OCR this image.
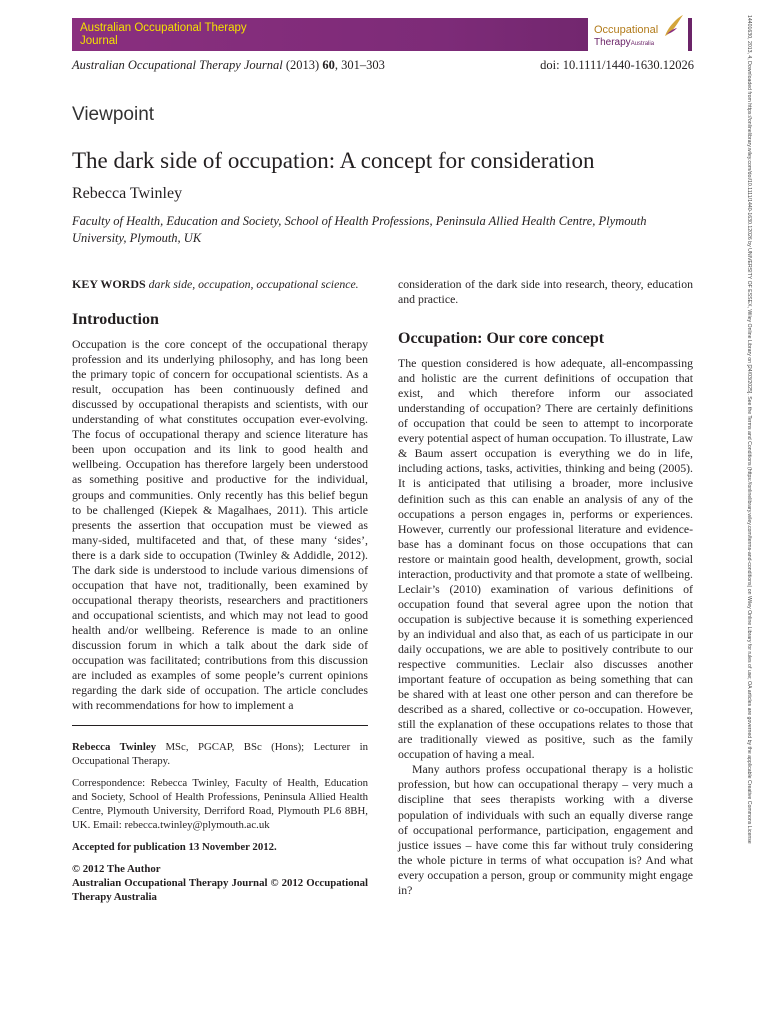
Australian Occupational Therapy
Journal
Occupational
TherapyAustralia
Australian Occupational Therapy Journal (2013) 60, 301–303	doi: 10.1111/1440-1630.12026
Viewpoint
The dark side of occupation: A concept for consideration
Rebecca Twinley
Faculty of Health, Education and Society, School of Health Professions, Peninsula Allied Health Centre, Plymouth University, Plymouth, UK

KEY WORDS dark side, occupation, occupational science.

Introduction

Occupation is the core concept of the occupational therapy profession and its underlying philosophy, and has long been the primary topic of concern for occupational scientists. As a result, occupation has been continuously defined and discussed by occupational therapists and scientists, with our understanding of what constitutes occupation ever-evolving. The focus of occupational therapy and science literature has been upon occupation and its link to good health and wellbeing. Occupation has therefore largely been understood as something positive and productive for the individual, groups and communities. Only recently has this belief begun to be challenged (Kiepek & Magalhaes, 2011). This article presents the assertion that occupation must be viewed as many-sided, multifaceted and that, of these many ‘sides’, there is a dark side to occupation (Twinley & Addidle, 2012). The dark side is understood to include various dimensions of occupation that have not, traditionally, been examined by occupational therapy theorists, researchers and practitioners and occupational scientists, and which may not lead to good health and/or wellbeing. Reference is made to an online discussion forum in which a talk about the dark side of occupation was facilitated; contributions from this discussion are included as examples of some people’s current opinions regarding the dark side of occupation. The article concludes with recommendations for how to implement a

Rebecca Twinley MSc, PGCAP, BSc (Hons); Lecturer in Occupational Therapy.

Correspondence: Rebecca Twinley, Faculty of Health, Education and Society, School of Health Professions, Peninsula Allied Health Centre, Plymouth University, Derriford Road, Plymouth PL6 8BH, UK. Email: rebecca.twinley@plymouth.ac.uk

Accepted for publication 13 November 2012.

© 2012 The Author

Australian Occupational Therapy Journal © 2012 Occupational Therapy Australia

consideration of the dark side into research, theory, education and practice.

Occupation: Our core concept

The question considered is how adequate, all-encompassing and holistic are the current definitions of occupation that exist, and which therefore inform our associated understanding of occupation? There are certainly definitions of occupation that could be seen to attempt to incorporate every potential aspect of human occupation. To illustrate, Law & Baum assert occupation is everything we do in life, including actions, tasks, activities, thinking and being (2005). It is anticipated that utilising a broader, more inclusive definition such as this can enable an analysis of any of the occupations a person engages in, performs or experiences. However, currently our professional literature and evidence-base has a dominant focus on those occupations that can restore or maintain good health, development, growth, social interaction, productivity and that promote a state of wellbeing. Leclair’s (2010) examination of various definitions of occupation found that several agree upon the notion that occupation is subjective because it is something experienced by an individual and also that, as each of us participate in our daily occupations, we are able to positively contribute to our respective communities. Leclair also discusses another important feature of occupation as being something that can be shared with at least one other person and can therefore be described as a shared, collective or co-occupation. However, still the explanation of these occupations relates to those that are traditionally viewed as positive, such as the family occupation of having a meal.

Many authors profess occupational therapy is a holistic profession, but how can occupational therapy – very much a discipline that sees therapists working with a diverse population of individuals with such an equally diverse range of occupational performance, participation, engagement and justice issues – have come this far without truly considering the whole picture in terms of what occupation is? And what every occupation a person, group or community might engage in?

14401630, 2013, 4, Downloaded from https://onlinelibrary.wiley.com/doi/10.1111/1440-1630.12026 by UNIVERSITY OF ESSEX, Wiley Online Library on [24/03/2025]. See the Terms and Conditions (https://onlinelibrary.wiley.com/terms-and-conditions) on Wiley Online Library for rules of use; OA articles are governed by the applicable Creative Commons License
